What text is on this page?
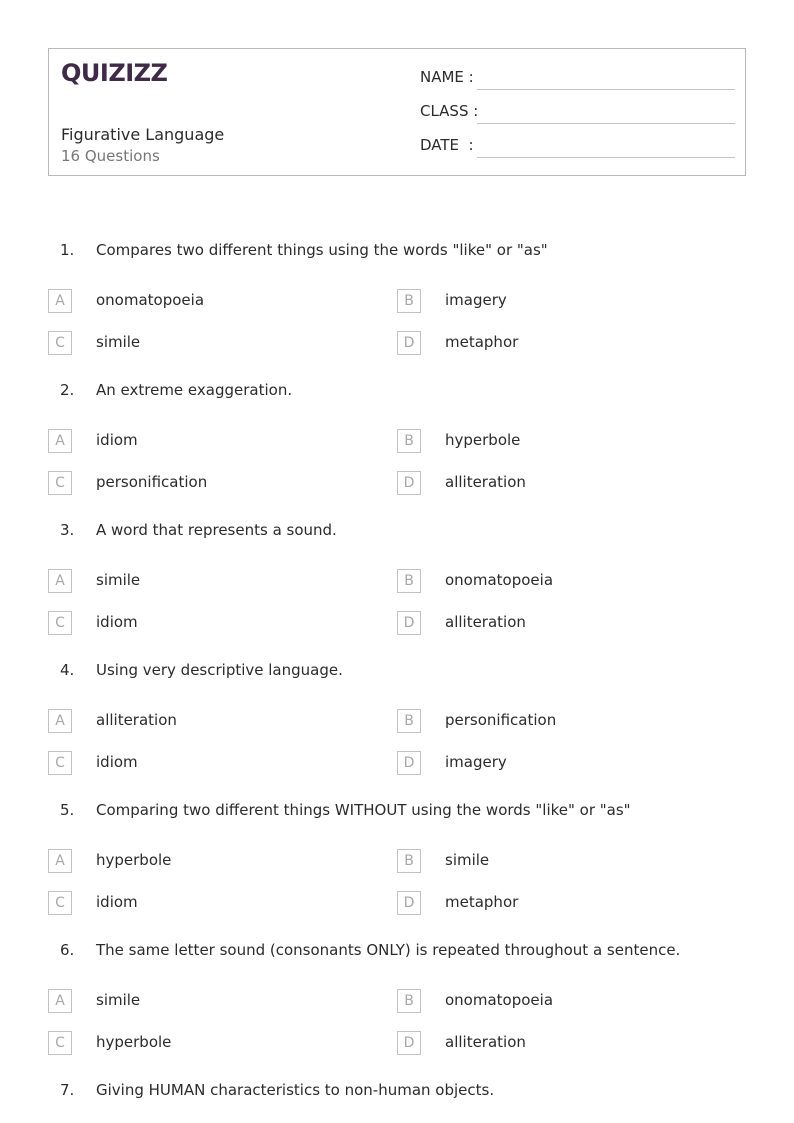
QUIZIZZ
Figurative Language
16 Questions
NAME :
CLASS :
DATE  :
1. Compares two different things using the words "like" or "as"
A	onomatopoeia	B	imagery
C	simile	D	metaphor
2. An extreme exaggeration.
A	idiom	B	hyperbole
C	personification	D	alliteration
3. A word that represents a sound.
A	simile	B	onomatopoeia
C	idiom	D	alliteration
4. Using very descriptive language.
A	alliteration	B	personification
C	idiom	D	imagery
5. Comparing two different things WITHOUT using the words "like" or "as"
A	hyperbole	B	simile
C	idiom	D	metaphor
6. The same letter sound (consonants ONLY) is repeated throughout a sentence.
A	simile	B	onomatopoeia
C	hyperbole	D	alliteration
7. Giving HUMAN characteristics to non-human objects.
